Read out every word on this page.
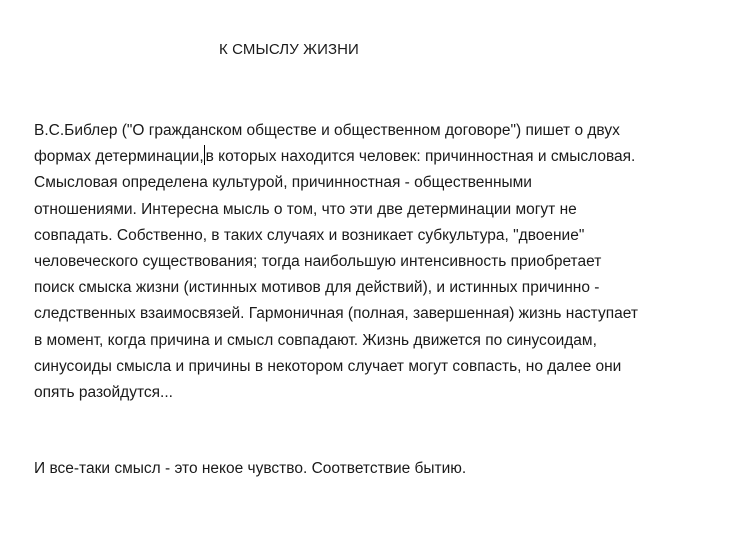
К СМЫСЛУ ЖИЗНИ
В.С.Библер ("О гражданском обществе и общественном договоре") пишет о двух
формах детерминации, в которых находится человек: причинностная и смысловая.
Смысловая определена культурой, причинностная - общественными
отношениями. Интересна мысль о том, что эти две детерминации могут не
совпадать. Собственно, в таких случаях и возникает субкультура, "двоение"
человеческого существования; тогда наибольшую интенсивность приобретает
поиск смыска жизни (истинных мотивов для действий), и истинных причинно -
следственных взаимосвязей. Гармоничная (полная, завершенная) жизнь наступает
в момент, когда причина и смысл совпадают. Жизнь движется по синусоидам,
синусоиды смысла и причины в некотором случает могут совпасть, но далее они
опять разойдутся...
И все-таки смысл - это некое чувство. Соответствие бытию.
